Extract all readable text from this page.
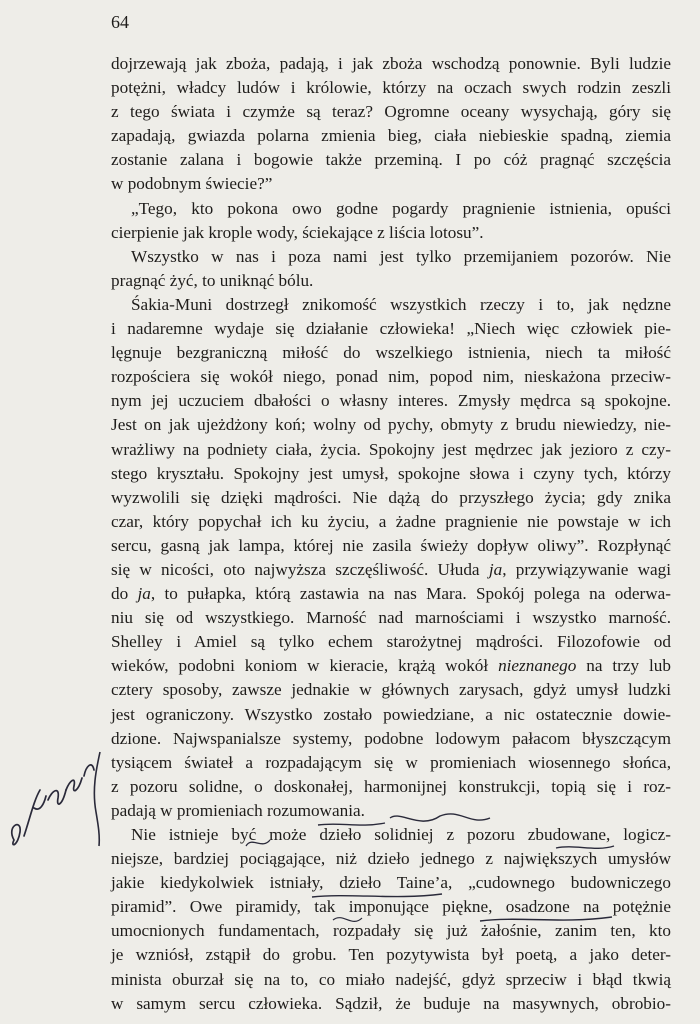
64
dojrzewają jak zboża, padają, i jak zboża wschodzą ponownie. Byli ludzie
potężni, władcy ludów i królowie, którzy na oczach swych rodzin zeszli
z tego świata i czymże są teraz? Ogromne oceany wysychają, góry się
zapadają, gwiazda polarna zmienia bieg, ciała niebieskie spadną, ziemia
zostanie zalana i bogowie także przeminą. I po cóż pragnąć szczęścia
w podobnym świecie?”
„Tego, kto pokona owo godne pogardy pragnienie istnienia, opuści
cierpienie jak krople wody, ściekające z liścia lotosu”.
Wszystko w nas i poza nami jest tylko przemijaniem pozorów. Nie
pragnąć żyć, to uniknąć bólu.
Śakia-Muni dostrzegł znikomość wszystkich rzeczy i to, jak nędzne
i nadaremne wydaje się działanie człowieka! „Niech więc człowiek pie-
lęgnuje bezgraniczną miłość do wszelkiego istnienia, niech ta miłość
rozpościera się wokół niego, ponad nim, popod nim, nieskażona przeciw-
nym jej uczuciem dbałości o własny interes. Zmysły mędrca są spokojne.
Jest on jak ujeżdżony koń; wolny od pychy, obmyty z brudu niewiedzy, nie-
wrażliwy na podniety ciała, życia. Spokojny jest mędrzec jak jezioro z czy-
stego kryształu. Spokojny jest umysł, spokojne słowa i czyny tych, którzy
wyzwolili się dzięki mądrości. Nie dążą do przyszłego życia; gdy znika
czar, który popychał ich ku życiu, a żadne pragnienie nie powstaje w ich
sercu, gasną jak lampa, której nie zasila świeży dopływ oliwy”. Rozpłynąć
się w nicości, oto najwyższa szczęśliwość. Ułuda ja, przywiązywanie wagi
do ja, to pułapka, którą zastawia na nas Mara. Spokój polega na oderwa-
niu się od wszystkiego. Marność nad marnościami i wszystko marność.
Shelley i Amiel są tylko echem starożytnej mądrości. Filozofowie od
wieków, podobni koniom w kieracie, krążą wokół nieznanego na trzy lub
cztery sposoby, zawsze jednakie w głównych zarysach, gdyż umysł ludzki
jest ograniczony. Wszystko zostało powiedziane, a nic ostatecznie dowie-
dzione. Najwspanialsze systemy, podobne lodowym pałacom błyszczącym
tysiącem świateł a rozpadającym się w promieniach wiosennego słońca,
z pozoru solidne, o doskonałej, harmonijnej konstrukcji, topią się i roz-
padają w promieniach rozumowania.
Nie istnieje być może dzieło solidniej z pozoru zbudowane, logicz-
niejsze, bardziej pociągające, niż dzieło jednego z największych umysłów
jakie kiedykolwiek istniały, dzieło Taine’a, „cudownego budowniczego
piramid”. Owe piramidy, tak imponujące piękne, osadzone na potężnie
umocnionych fundamentach, rozpadały się już żałośnie, zanim ten, kto
je wzniósł, zstąpił do grobu. Ten pozytywista był poetą, a jako deter-
minista oburzał się na to, co miało nadejść, gdyż sprzeciw i błąd tkwią
w samym sercu człowieka. Sądził, że buduje na masywnych, obrobio-
